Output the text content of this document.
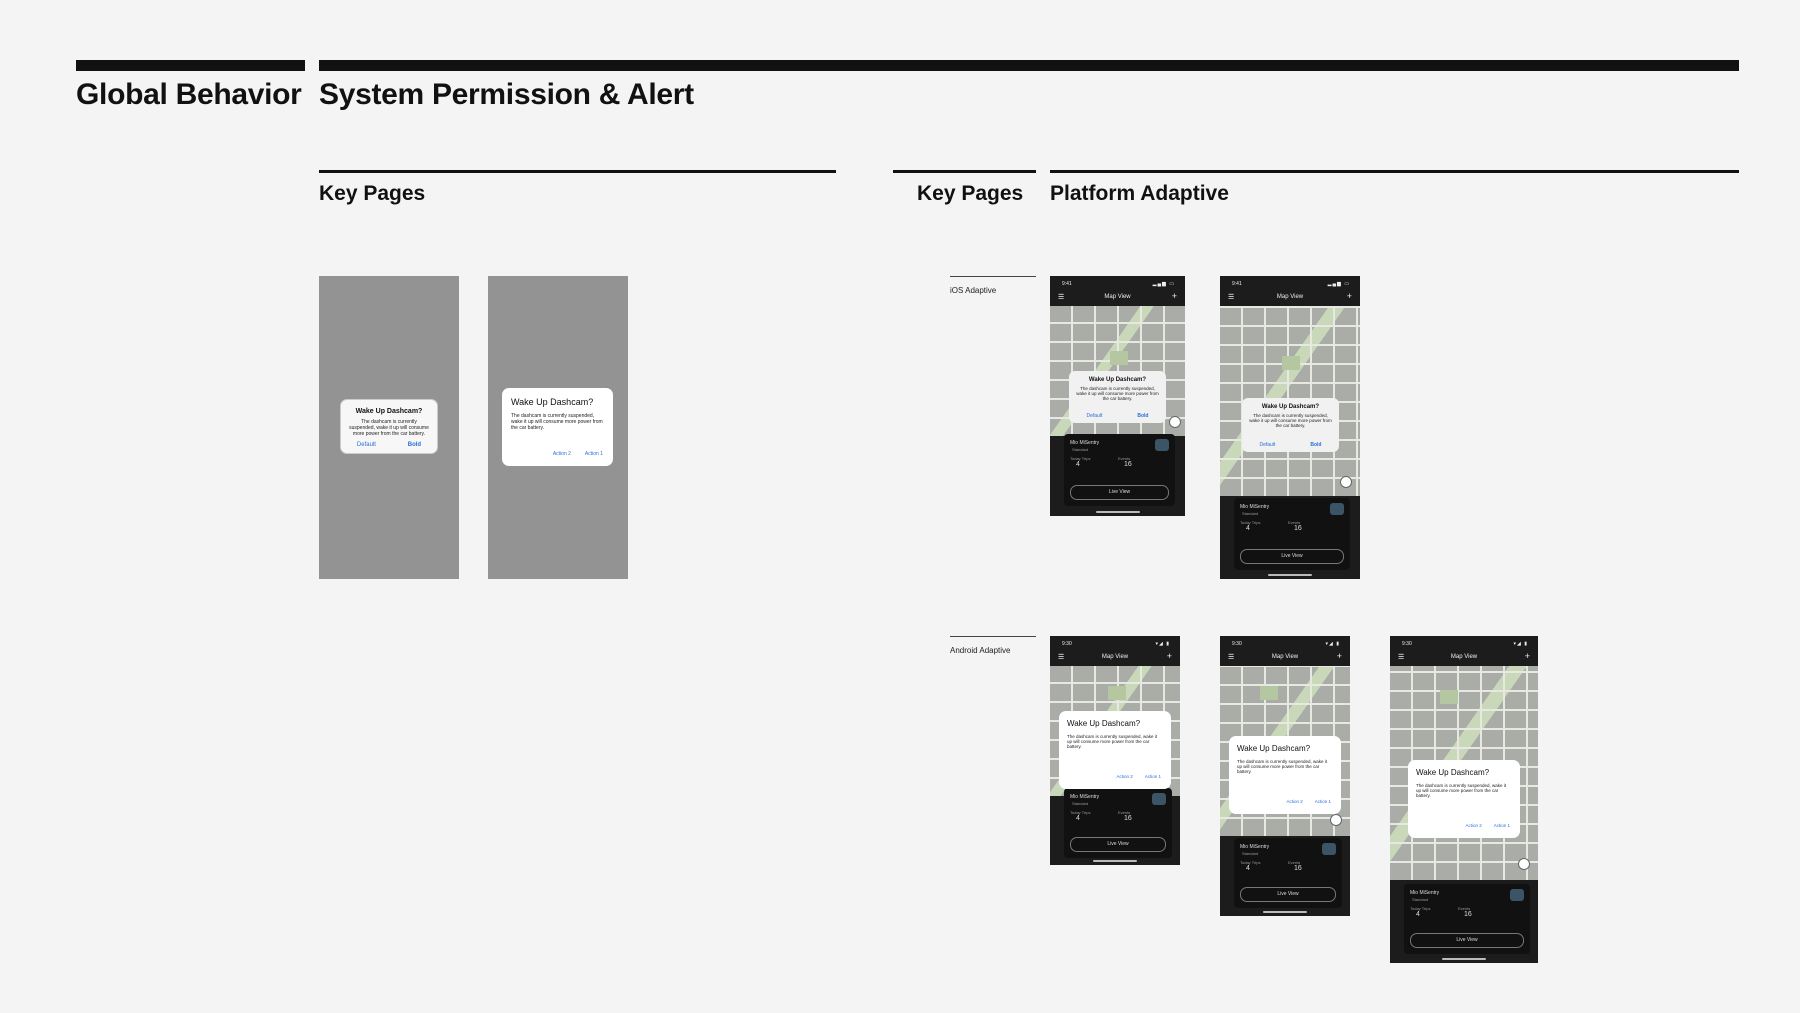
Global Behavior System Permission & Alert
Key Pages
Wake Up Dashcam?
The dashcam is currently suspended, wake it up will consume more power from the car battery.
Default	Bold
Wake Up Dashcam?
The dashcam is currently suspended, wake it up will consume more power from the car battery.
Action 2	Action 1
Key Pages Platform Adaptive
iOS Adaptive
Android Adaptive
9:41	▂▄▆ ▭
☰	Map View	+
Wake Up Dashcam?
The dashcam is currently suspended, wake it up will consume more power from the car battery.
Default	Bold
Mio MiSentry
Standard
Today Trips	Events
4	16
Live View
9:41	▂▄▆ ▭
☰	Map View	+
Wake Up Dashcam?
The dashcam is currently suspended, wake it up will consume more power from the car battery.
Default	Bold
Mio MiSentry
Standard
Today Trips	Events
4	16
Live View
9:30	▾◢ ▮
☰	Map View	+
Mio MiSentry
Standard
Today Trips	Events
4	16
Live View
Wake Up Dashcam?
The dashcam is currently suspended, wake it up will consume more power from the car battery.
Action 2	Action 1
9:30	▾◢ ▮
☰	Map View	+
Mio MiSentry
Standard
Today Trips	Events
4	16
Live View
Wake Up Dashcam?
The dashcam is currently suspended, wake it up will consume more power from the car battery.
Action 2	Action 1
9:30	▾◢ ▮
☰	Map View	+
Mio MiSentry
Standard
Today Trips	Events
4	16
Live View
Wake Up Dashcam?
The dashcam is currently suspended, wake it up will consume more power from the car battery.
Action 2	Action 1
